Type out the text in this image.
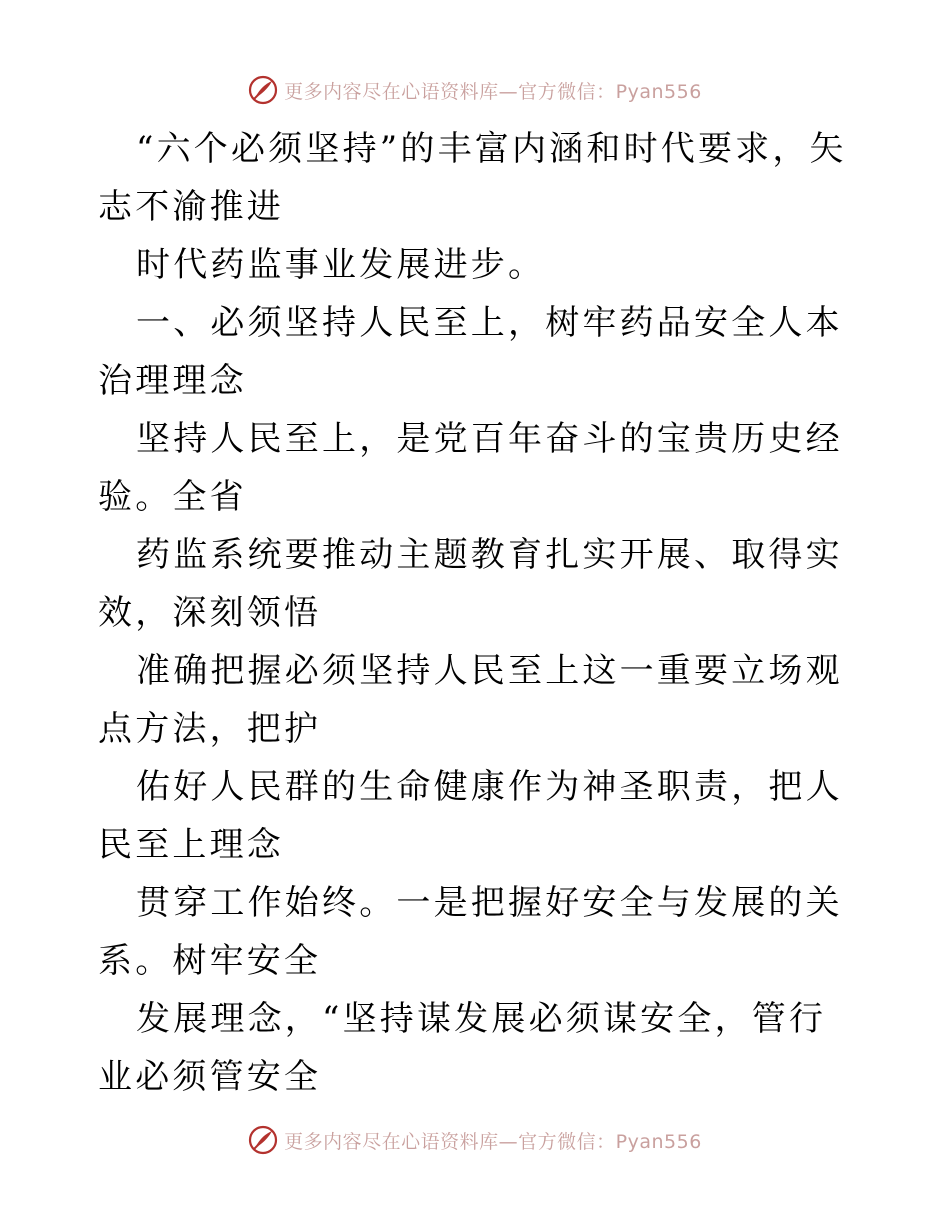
更多内容尽在心语资料库—官方微信：Pyan556

“六个必须坚持”的丰富内涵和时代要求，矢志不渝推进

时代药监事业发展进步。

一、必须坚持人民至上，树牢药品安全人本治理理念

坚持人民至上，是党百年奋斗的宝贵历史经验。全省

药监系统要推动主题教育扎实开展、取得实效，深刻领悟

准确把握必须坚持人民至上这一重要立场观点方法，把护

佑好人民群的生命健康作为神圣职责，把人民至上理念

贯穿工作始终。一是把握好安全与发展的关系。树牢安全

发展理念，“坚持谋发展必须谋安全，管行业必须管安全

更多内容尽在心语资料库—官方微信：Pyan556
